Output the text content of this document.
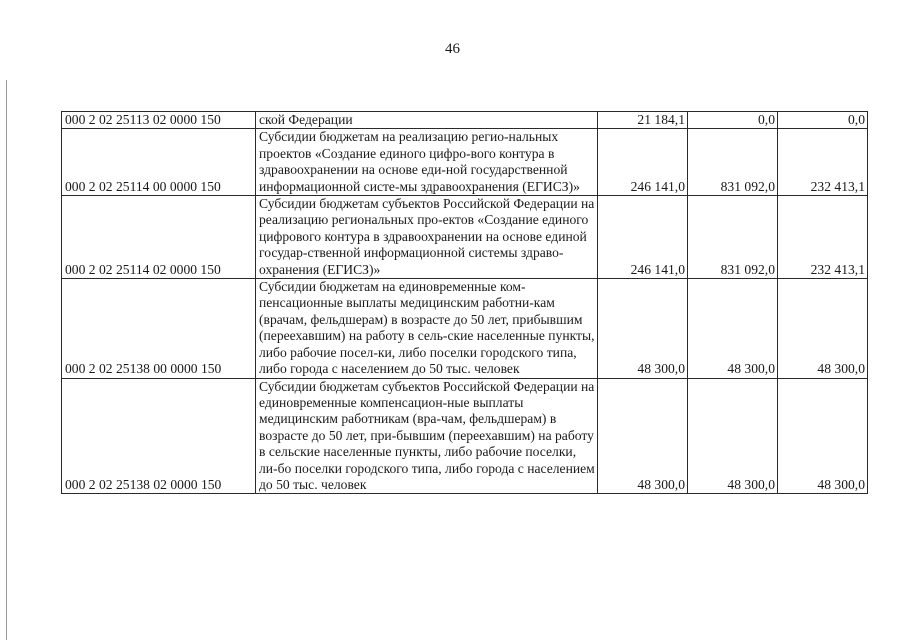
46
000 2 02 25113 02 0000 150	ской Федерации	21 184,1	0,0	0,0
000 2 02 25114 00 0000 150	Субсидии бюджетам на реализацию регио-нальных проектов «Создание единого цифро-вого контура в здравоохранении на основе еди-ной государственной информационной систе-мы здравоохранения (ЕГИСЗ)»	246 141,0	831 092,0	232 413,1
000 2 02 25114 02 0000 150	Субсидии бюджетам субъектов Российской Федерации на реализацию региональных про-ектов «Создание единого цифрового контура в здравоохранении на основе единой государ-ственной информационной системы здраво-охранения (ЕГИСЗ)»	246 141,0	831 092,0	232 413,1
000 2 02 25138 00 0000 150	Субсидии бюджетам на единовременные ком-пенсационные выплаты медицинским работни-кам (врачам, фельдшерам) в возрасте до 50 лет, прибывшим (переехавшим) на работу в сель-ские населенные пункты, либо рабочие посел-ки, либо поселки городского типа, либо города с населением до 50 тыс. человек	48 300,0	48 300,0	48 300,0
000 2 02 25138 02 0000 150	Субсидии бюджетам субъектов Российской Федерации на единовременные компенсацион-ные выплаты медицинским работникам (вра-чам, фельдшерам) в возрасте до 50 лет, при-бывшим (переехавшим) на работу в сельские населенные пункты, либо рабочие поселки, ли-бо поселки городского типа, либо города с населением до 50 тыс. человек	48 300,0	48 300,0	48 300,0
